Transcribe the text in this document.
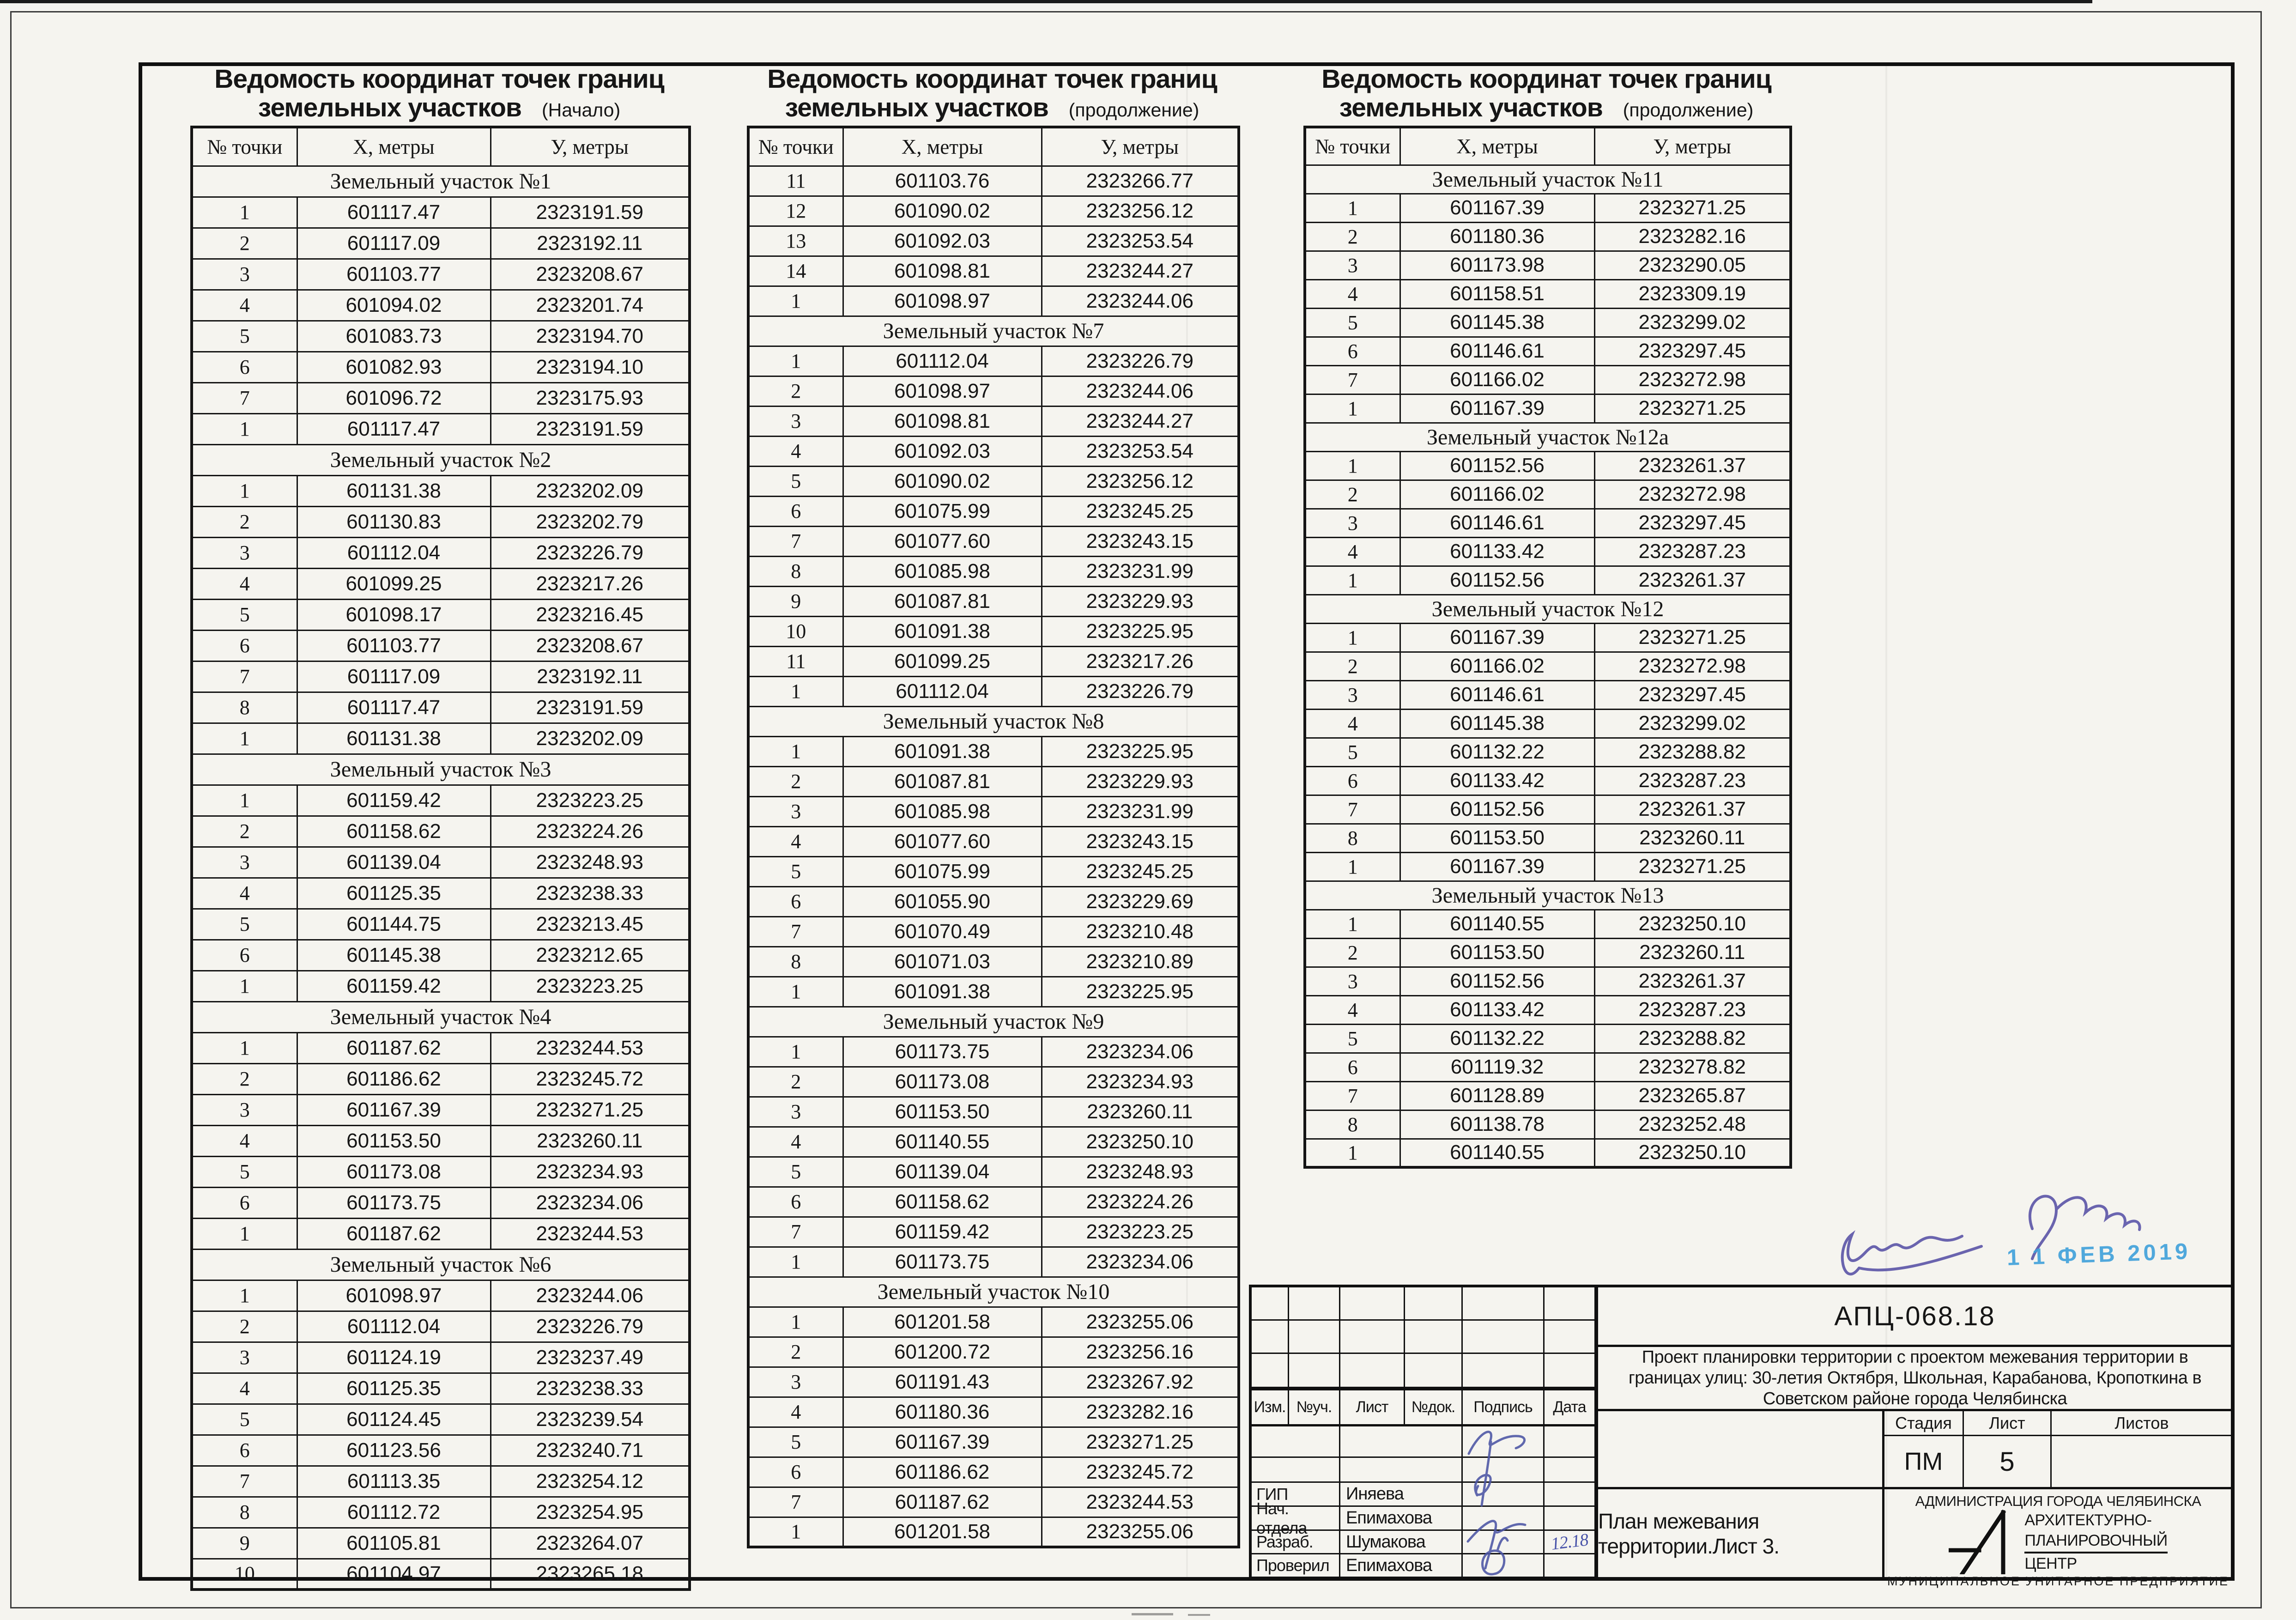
Ведомость координат точек границ
земельных участков (Начало)
№ точки	Х, метры	У, метры
Земельный участок №1		
1	601117.47	2323191.59
2	601117.09	2323192.11
3	601103.77	2323208.67
4	601094.02	2323201.74
5	601083.73	2323194.70
6	601082.93	2323194.10
7	601096.72	2323175.93
1	601117.47	2323191.59
Земельный участок №2		
1	601131.38	2323202.09
2	601130.83	2323202.79
3	601112.04	2323226.79
4	601099.25	2323217.26
5	601098.17	2323216.45
6	601103.77	2323208.67
7	601117.09	2323192.11
8	601117.47	2323191.59
1	601131.38	2323202.09
Земельный участок №3		
1	601159.42	2323223.25
2	601158.62	2323224.26
3	601139.04	2323248.93
4	601125.35	2323238.33
5	601144.75	2323213.45
6	601145.38	2323212.65
1	601159.42	2323223.25
Земельный участок №4		
1	601187.62	2323244.53
2	601186.62	2323245.72
3	601167.39	2323271.25
4	601153.50	2323260.11
5	601173.08	2323234.93
6	601173.75	2323234.06
1	601187.62	2323244.53
Земельный участок №6		
1	601098.97	2323244.06
2	601112.04	2323226.79
3	601124.19	2323237.49
4	601125.35	2323238.33
5	601124.45	2323239.54
6	601123.56	2323240.71
7	601113.35	2323254.12
8	601112.72	2323254.95
9	601105.81	2323264.07
10	601104.97	2323265.18
Ведомость координат точек границ
земельных участков (продолжение)
№ точки	Х, метры	У, метры
11	601103.76	2323266.77
12	601090.02	2323256.12
13	601092.03	2323253.54
14	601098.81	2323244.27
1	601098.97	2323244.06
Земельный участок №7		
1	601112.04	2323226.79
2	601098.97	2323244.06
3	601098.81	2323244.27
4	601092.03	2323253.54
5	601090.02	2323256.12
6	601075.99	2323245.25
7	601077.60	2323243.15
8	601085.98	2323231.99
9	601087.81	2323229.93
10	601091.38	2323225.95
11	601099.25	2323217.26
1	601112.04	2323226.79
Земельный участок №8		
1	601091.38	2323225.95
2	601087.81	2323229.93
3	601085.98	2323231.99
4	601077.60	2323243.15
5	601075.99	2323245.25
6	601055.90	2323229.69
7	601070.49	2323210.48
8	601071.03	2323210.89
1	601091.38	2323225.95
Земельный участок №9		
1	601173.75	2323234.06
2	601173.08	2323234.93
3	601153.50	2323260.11
4	601140.55	2323250.10
5	601139.04	2323248.93
6	601158.62	2323224.26
7	601159.42	2323223.25
1	601173.75	2323234.06
Земельный участок №10		
1	601201.58	2323255.06
2	601200.72	2323256.16
3	601191.43	2323267.92
4	601180.36	2323282.16
5	601167.39	2323271.25
6	601186.62	2323245.72
7	601187.62	2323244.53
1	601201.58	2323255.06
Ведомость координат точек границ
земельных участков (продолжение)
№ точки	Х, метры	У, метры
Земельный участок №11		
1	601167.39	2323271.25
2	601180.36	2323282.16
3	601173.98	2323290.05
4	601158.51	2323309.19
5	601145.38	2323299.02
6	601146.61	2323297.45
7	601166.02	2323272.98
1	601167.39	2323271.25
Земельный участок №12а		
1	601152.56	2323261.37
2	601166.02	2323272.98
3	601146.61	2323297.45
4	601133.42	2323287.23
1	601152.56	2323261.37
Земельный участок №12		
1	601167.39	2323271.25
2	601166.02	2323272.98
3	601146.61	2323297.45
4	601145.38	2323299.02
5	601132.22	2323288.82
6	601133.42	2323287.23
7	601152.56	2323261.37
8	601153.50	2323260.11
1	601167.39	2323271.25
Земельный участок №13		
1	601140.55	2323250.10
2	601153.50	2323260.11
3	601152.56	2323261.37
4	601133.42	2323287.23
5	601132.22	2323288.82
6	601119.32	2323278.82
7	601128.89	2323265.87
8	601138.78	2323252.48
1	601140.55	2323250.10
1 1 ФЕВ 2019
Изм. №уч.	Лист	№док.	Подпись	Дата
ГИП	Иняева
Нач. отдела	Епимахова
Разраб.	Шумакова	12.18
Проверил Епимахова
АПЦ-068.18
Проект планировки территории с проектом межевания территории в
границах улиц: 30-летия Октября, Школьная, Карабанова, Кропоткина в
Советском районе города Челябинска
План межевания территории.Лист 3.
Стадия	Лист	Листов
ПМ	5
АДМИНИСТРАЦИЯ ГОРОДА ЧЕЛЯБИНСКА
АРХИТЕКТУРНО-
ПЛАНИРОВОЧНЫЙ
ЦЕНТР
МУНИЦИПАЛЬНОЕ УНИТАРНОЕ ПРЕДПРИЯТИЕ
